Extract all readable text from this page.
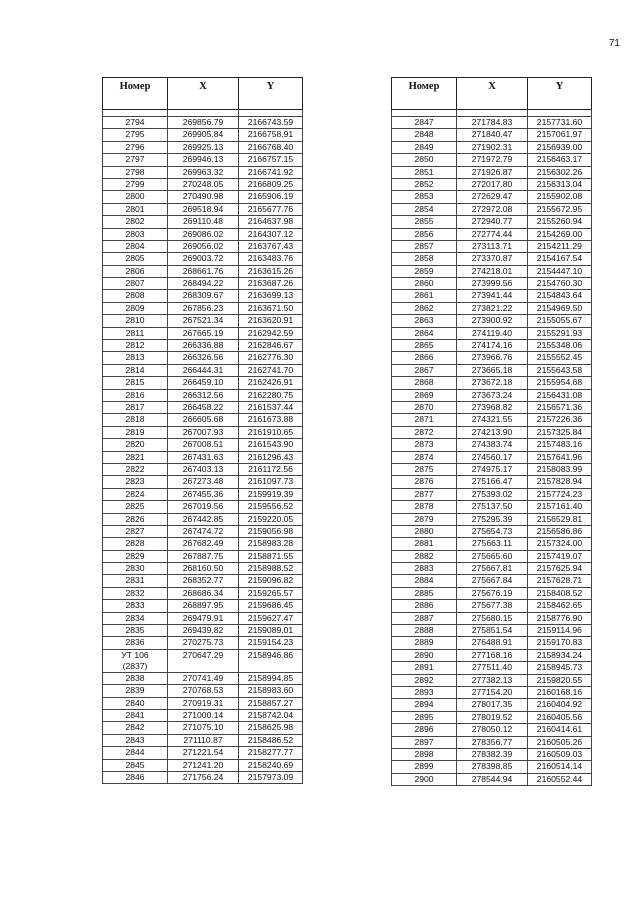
71
Номер	X	Y

2794	269856.79	2166743.59
2795	269905.84	2166758.91
2796	269925.13	2166768.40
2797	269946.13	2166757.15
2798	269963.32	2166741.92
2799	270248.05	2166809.25
2800	270490.98	2165906.19
2801	269518.94	2165677.76
2802	269110.48	2164637.98
2803	269086.02	2164307.12
2804	269056.02	2163767.43
2805	269003.72	2163483.76
2806	268661.76	2163615.26
2807	268494.22	2163687.26
2808	268309.67	2163699.13
2809	267856.23	2163671.50
2810	267521.34	2163620.91
2811	267665.19	2162942.59
2812	266336.88	2162846.67
2813	266326.56	2162776.30
2814	266444.31	2162741.70
2815	266459.10	2162426.91
2816	266312.56	2162280.75
2817	266458.22	2161537.44
2818	266605.68	2161673.88
2819	267007.93	2161910.65
2820	267008.51	2161543.90
2821	267431.63	2161296.43
2822	267403.13	2161172.56
2823	267273.48	2161097.73
2824	267455.36	2159919.39
2825	267019.56	2159556.52
2826	267442.85	2159220.05
2827	267474.72	2159056.98
2828	267682.49	2158983.28
2829	267887.75	2158871.55
2830	268160.50	2158988.52
2831	268352.77	2159096.82
2832	268686.34	2159265.57
2833	268897.95	2159686.45
2834	269479.91	2159627.47
2835	269439.82	2159089.01
2836	270275.73	2159154.23
УТ 106
(2837)	270647.29	2158946.86
2838	270741.49	2158994.85
2839	270768.53	2158983.60
2840	270919.31	2158857.27
2841	271000.14	2158742.04
2842	271075.10	2158625.98
2843	271110.87	2158486.52
2844	271221.54	2158277.77
2845	271241.20	2158240.69
2846	271756.24	2157973.09
Номер	X	Y

2847	271784.83	2157731.60
2848	271840.47	2157061.97
2849	271902.31	2156939.00
2850	271972.79	2156463.17
2851	271926.87	2156302.26
2852	272017.80	2156313.04
2853	272629.47	2155902.08
2854	272972.08	2155672.95
2855	272940.77	2155260.94
2856	272774.44	2154269.00
2857	273113.71	2154211.29
2858	273370.87	2154167.54
2859	274218.01	2154447.10
2860	273999.56	2154760.30
2861	273941.44	2154843.64
2862	273821.22	2154969.50
2863	273900.92	2155055.67
2864	274119.40	2155291.93
2865	274174.16	2155348.06
2866	273966.76	2155552.45
2867	273665.18	2155643.58
2868	273672.18	2155954.68
2869	273673.24	2156431.08
2870	273968.82	2156571.36
2871	274321.55	2157226.36
2872	274213.90	2157325.84
2873	274383.74	2157483.16
2874	274560.17	2157641.96
2875	274975.17	2158083.99
2876	275166.47	2157828.94
2877	275393.02	2157724.23
2878	275137.50	2157161.40
2879	275295.39	2156529.81
2880	275654.73	2156586.86
2881	275663.11	2157324.00
2882	275665.60	2157419.07
2883	275667.81	2157625.94
2884	275667.84	2157628.71
2885	275676.19	2158408.52
2886	275677.38	2158462.65
2887	275680.15	2158776.90
2888	275851.54	2159114.96
2889	276488.91	2159170.83
2890	277168.16	2158934.24
2891	277511.40	2158945.73
2892	277382.13	2159820.55
2893	277154.20	2160168.16
2894	278017.35	2160404.92
2895	278019.52	2160405.56
2896	278050.12	2160414.61
2897	278356.77	2160505.26
2898	278382.39	2160509.03
2899	278398.85	2160514.14
2900	278544.94	2160552.44
